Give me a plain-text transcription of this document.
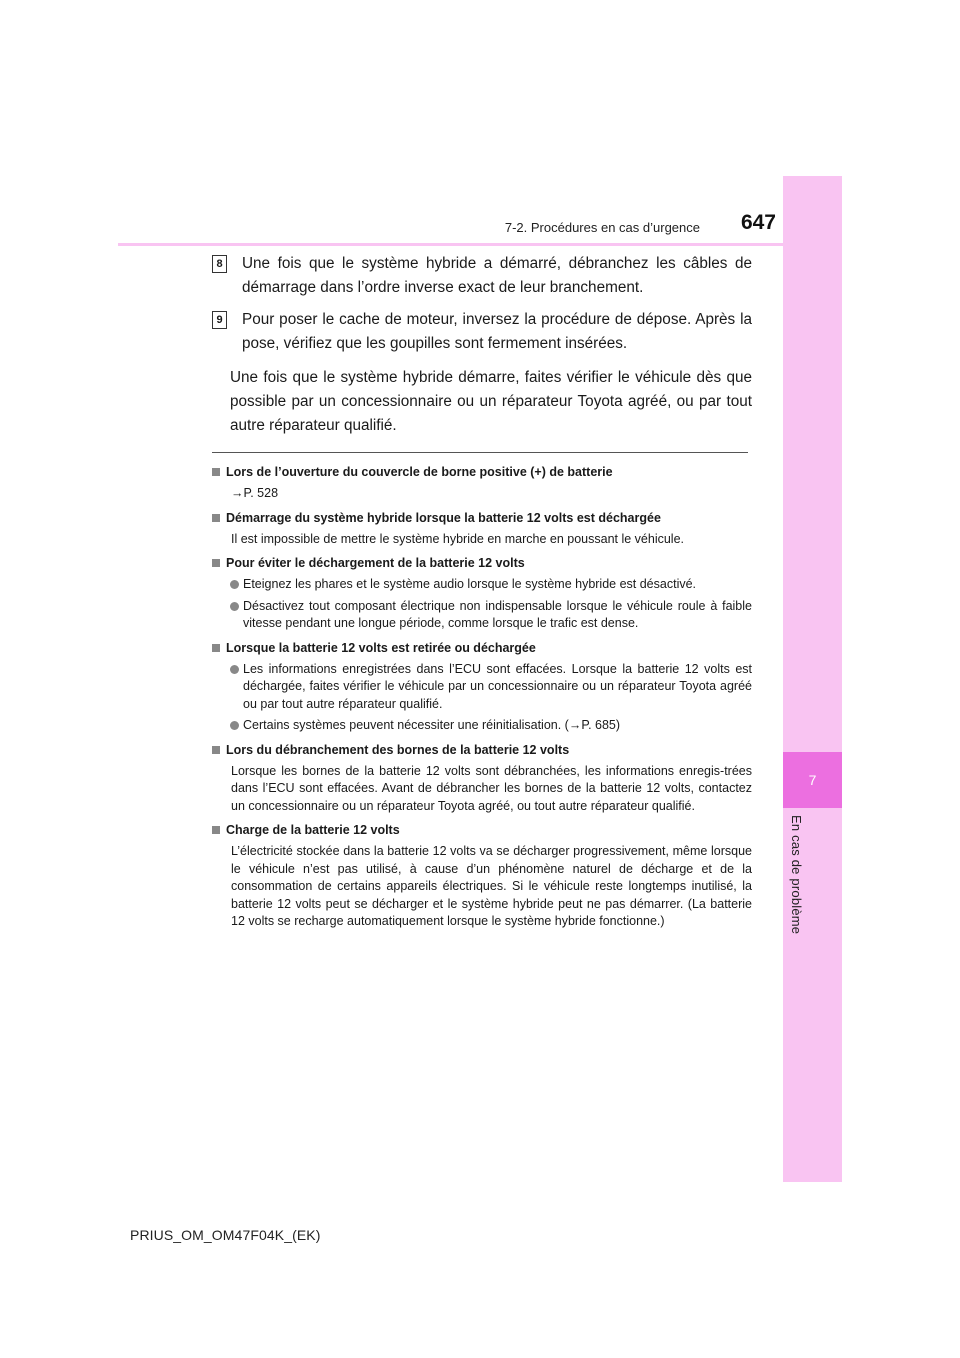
7
En cas de problème
7-2. Procédures en cas d’urgence	647
8 Une fois que le système hybride a démarré, débranchez les câbles de démarrage dans l’ordre inverse exact de leur branchement.
9 Pour poser le cache de moteur, inversez la procédure de dépose. Après la pose, vérifiez que les goupilles sont fermement insérées.
Une fois que le système hybride démarre, faites vérifier le véhicule dès que possible par un concessionnaire ou un réparateur Toyota agréé, ou par tout autre réparateur qualifié.
Lors de l’ouverture du couvercle de borne positive (+) de batterie
→P. 528
Démarrage du système hybride lorsque la batterie 12 volts est déchargée
Il est impossible de mettre le système hybride en marche en poussant le véhicule.
Pour éviter le déchargement de la batterie 12 volts
Eteignez les phares et le système audio lorsque le système hybride est désactivé.
Désactivez tout composant électrique non indispensable lorsque le véhicule roule à faible vitesse pendant une longue période, comme lorsque le trafic est dense.
Lorsque la batterie 12 volts est retirée ou déchargée
Les informations enregistrées dans l’ECU sont effacées. Lorsque la batterie 12 volts est déchargée, faites vérifier le véhicule par un concessionnaire ou un réparateur Toyota agréé ou par tout autre réparateur qualifié.
Certains systèmes peuvent nécessiter une réinitialisation. (→P. 685)
Lors du débranchement des bornes de la batterie 12 volts
Lorsque les bornes de la batterie 12 volts sont débranchées, les informations enregis-trées dans l’ECU sont effacées. Avant de débrancher les bornes de la batterie 12 volts, contactez un concessionnaire ou un réparateur Toyota agréé, ou tout autre réparateur qualifié.
Charge de la batterie 12 volts
L’électricité stockée dans la batterie 12 volts va se décharger progressivement, même lorsque le véhicule n’est pas utilisé, à cause d’un phénomène naturel de décharge et de la consommation de certains appareils électriques. Si le véhicule reste longtemps inutilisé, la batterie 12 volts peut se décharger et le système hybride peut ne pas démarrer. (La batterie 12 volts se recharge automatiquement lorsque le système hybride fonctionne.)
PRIUS_OM_OM47F04K_(EK)
